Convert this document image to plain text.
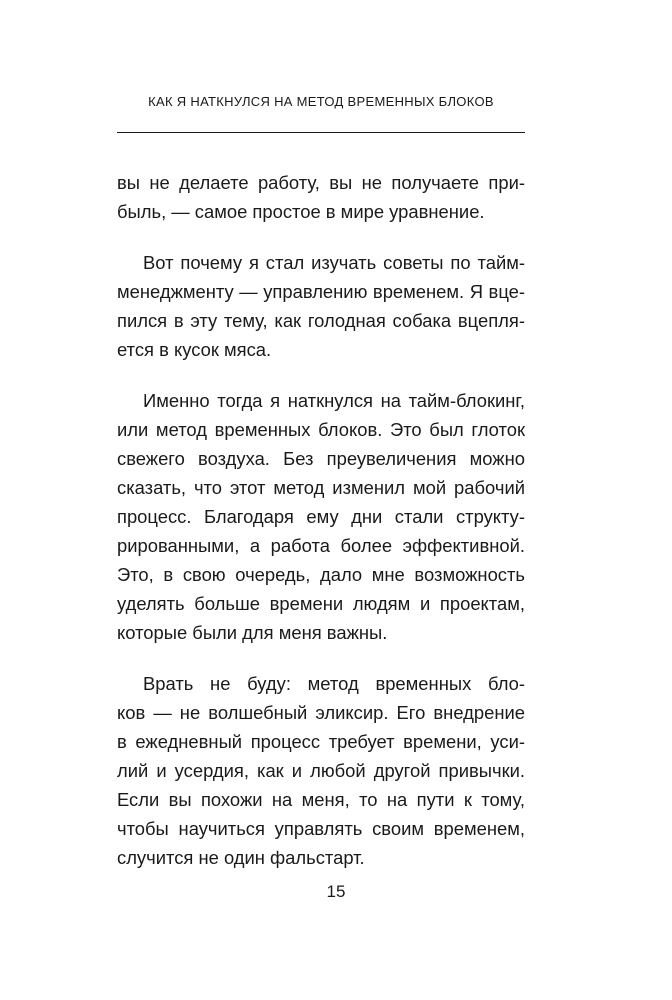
КАК Я НАТКНУЛСЯ НА МЕТОД ВРЕМЕННЫХ БЛОКОВ
вы не делаете работу, вы не получаете при-
быль, — самое простое в мире уравнение.
Вот почему я стал изучать советы по тайм-
менеджменту — управлению временем. Я вце-
пился в эту тему, как голодная собака вцепля-
ется в кусок мяса.
Именно тогда я наткнулся на тайм-блокинг,
или метод временных блоков. Это был глоток
свежего воздуха. Без преувеличения можно
сказать, что этот метод изменил мой рабочий
процесс. Благодаря ему дни стали структу-
рированными, а работа более эффективной.
Это, в свою очередь, дало мне возможность
уделять больше времени людям и проектам,
которые были для меня важны.
Врать не буду: метод временных бло-
ков — не волшебный эликсир. Его внедрение
в ежедневный процесс требует времени, уси-
лий и усердия, как и любой другой привычки.
Если вы похожи на меня, то на пути к тому,
чтобы научиться управлять своим временем,
случится не один фальстарт.
15
